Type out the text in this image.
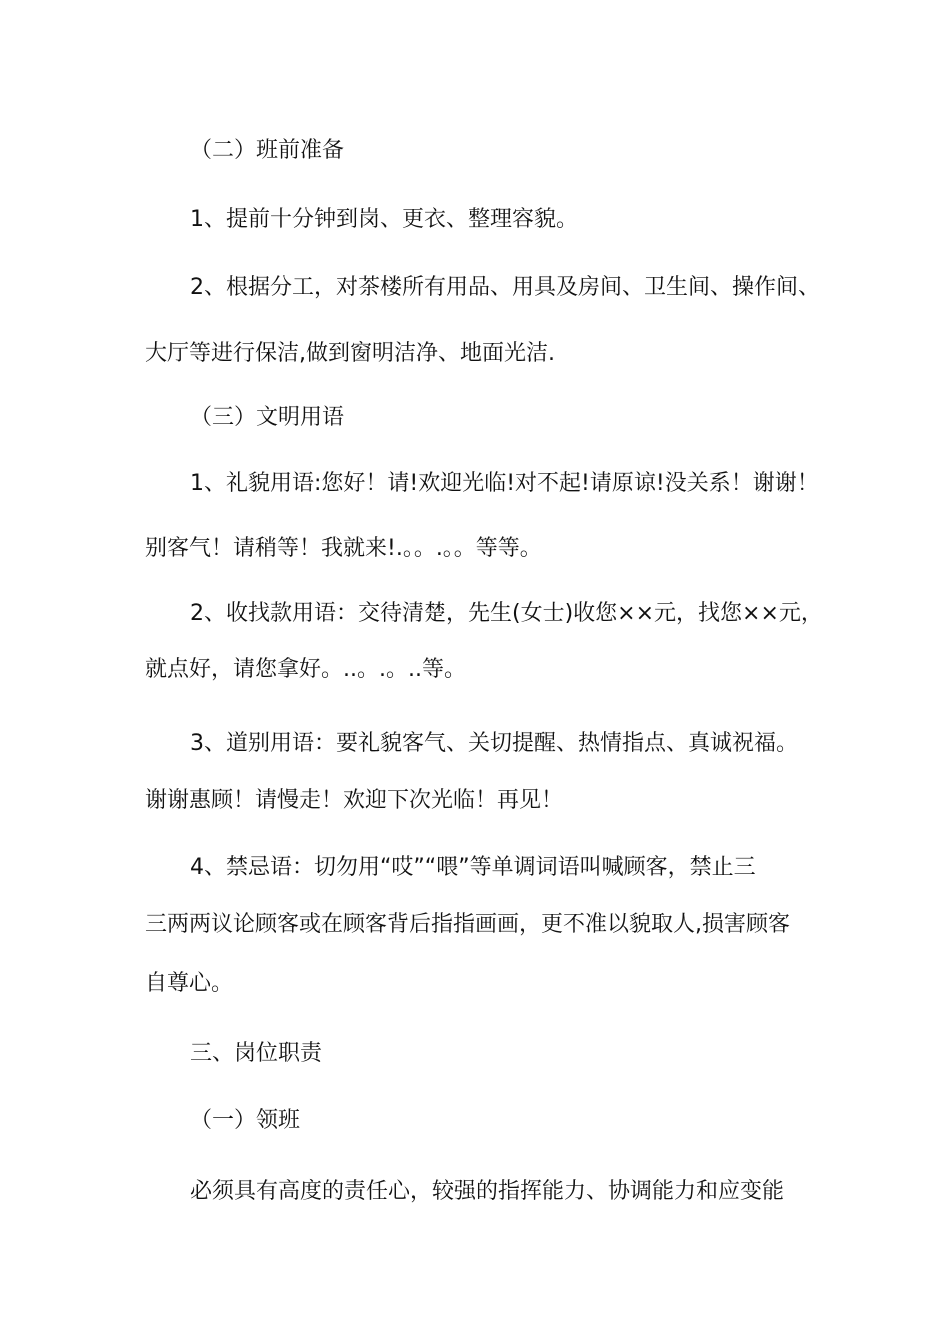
（二）班前准备
1、提前十分钟到岗、更衣、整理容貌。
2、根据分工，对茶楼所有用品、用具及房间、卫生间、操作间、
大厅等进行保洁,做到窗明洁净、地面光洁.
（三）文明用语
1、礼貌用语:您好！请!欢迎光临!对不起!请原谅!没关系！谢谢！
别客气！请稍等！我就来!.。。.。。等等。
2、收找款用语：交待清楚，先生(女士)收您××元，找您××元，
就点好，请您拿好。..。.。..等。
3、道别用语：要礼貌客气、关切提醒、热情指点、真诚祝福。
谢谢惠顾！请慢走！欢迎下次光临！再见！
4、禁忌语：切勿用“哎”“喂”等单调词语叫喊顾客，禁止三
三两两议论顾客或在顾客背后指指画画，更不准以貌取人,损害顾客
自尊心。
三、岗位职责
（一）领班
必须具有高度的责任心，较强的指挥能力、协调能力和应变能
